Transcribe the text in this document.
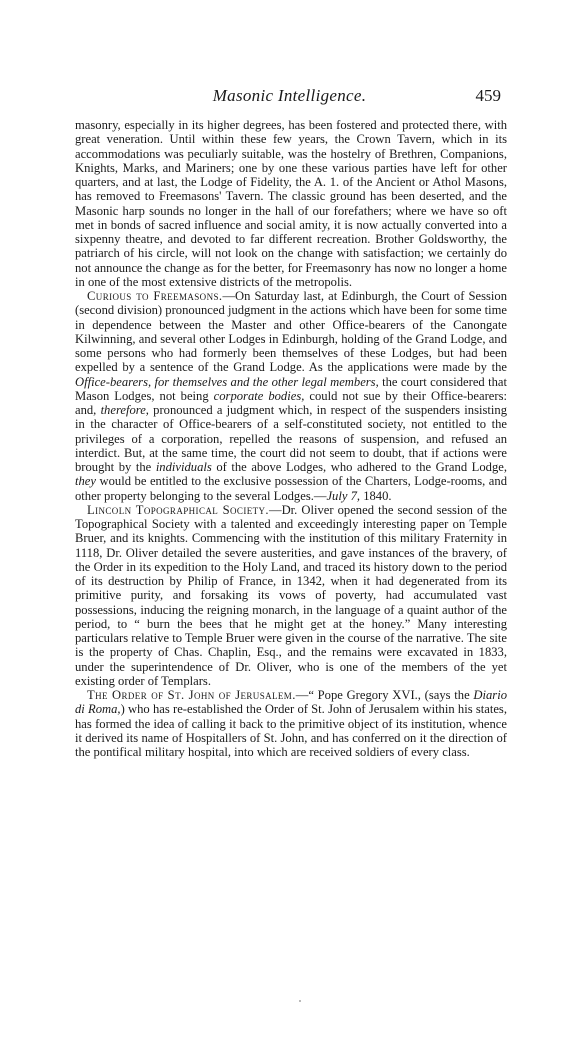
Masonic Intelligence.	459

masonry, especially in its higher degrees, has been fostered and protected there, with great veneration. Until within these few years, the Crown Tavern, which in its accommodations was peculiarly suitable, was the hostelry of Brethren, Companions, Knights, Marks, and Mariners; one by one these various parties have left for other quarters, and at last, the Lodge of Fidelity, the A. 1. of the Ancient or Athol Masons, has removed to Freemasons' Tavern. The classic ground has been deserted, and the Masonic harp sounds no longer in the hall of our forefathers; where we have so oft met in bonds of sacred influence and social amity, it is now actually converted into a sixpenny theatre, and devoted to far different recreation. Brother Goldsworthy, the patriarch of his circle, will not look on the change with satisfaction; we certainly do not announce the change as for the better, for Freemasonry has now no longer a home in one of the most extensive districts of the metropolis.

Curious to Freemasons.—On Saturday last, at Edinburgh, the Court of Session (second division) pronounced judgment in the actions which have been for some time in dependence between the Master and other Office-bearers of the Canongate Kilwinning, and several other Lodges in Edinburgh, holding of the Grand Lodge, and some persons who had formerly been themselves of these Lodges, but had been expelled by a sentence of the Grand Lodge. As the applications were made by the Office-bearers, for themselves and the other legal members, the court considered that Mason Lodges, not being corporate bodies, could not sue by their Office-bearers: and, therefore, pronounced a judgment which, in respect of the suspenders insisting in the character of Office-bearers of a self-constituted society, not entitled to the privileges of a corporation, repelled the reasons of suspension, and refused an interdict. But, at the same time, the court did not seem to doubt, that if actions were brought by the individuals of the above Lodges, who adhered to the Grand Lodge, they would be entitled to the exclusive possession of the Charters, Lodge-rooms, and other property belonging to the several Lodges.—July 7, 1840.

Lincoln Topographical Society.—Dr. Oliver opened the second session of the Topographical Society with a talented and exceedingly interesting paper on Temple Bruer, and its knights. Commencing with the institution of this military Fraternity in 1118, Dr. Oliver detailed the severe austerities, and gave instances of the bravery, of the Order in its expedition to the Holy Land, and traced its history down to the period of its destruction by Philip of France, in 1342, when it had degenerated from its primitive purity, and forsaking its vows of poverty, had accumulated vast possessions, inducing the reigning monarch, in the language of a quaint author of the period, to “ burn the bees that he might get at the honey.” Many interesting particulars relative to Temple Bruer were given in the course of the narrative. The site is the property of Chas. Chaplin, Esq., and the remains were excavated in 1833, under the superintendence of Dr. Oliver, who is one of the members of the yet existing order of Templars.

The Order of St. John of Jerusalem.—“ Pope Gregory XVI., (says the Diario di Roma,) who has re-established the Order of St. John of Jerusalem within his states, has formed the idea of calling it back to the primitive object of its institution, whence it derived its name of Hospitallers of St. John, and has conferred on it the direction of the pontifical military hospital, into which are received soldiers of every class.
